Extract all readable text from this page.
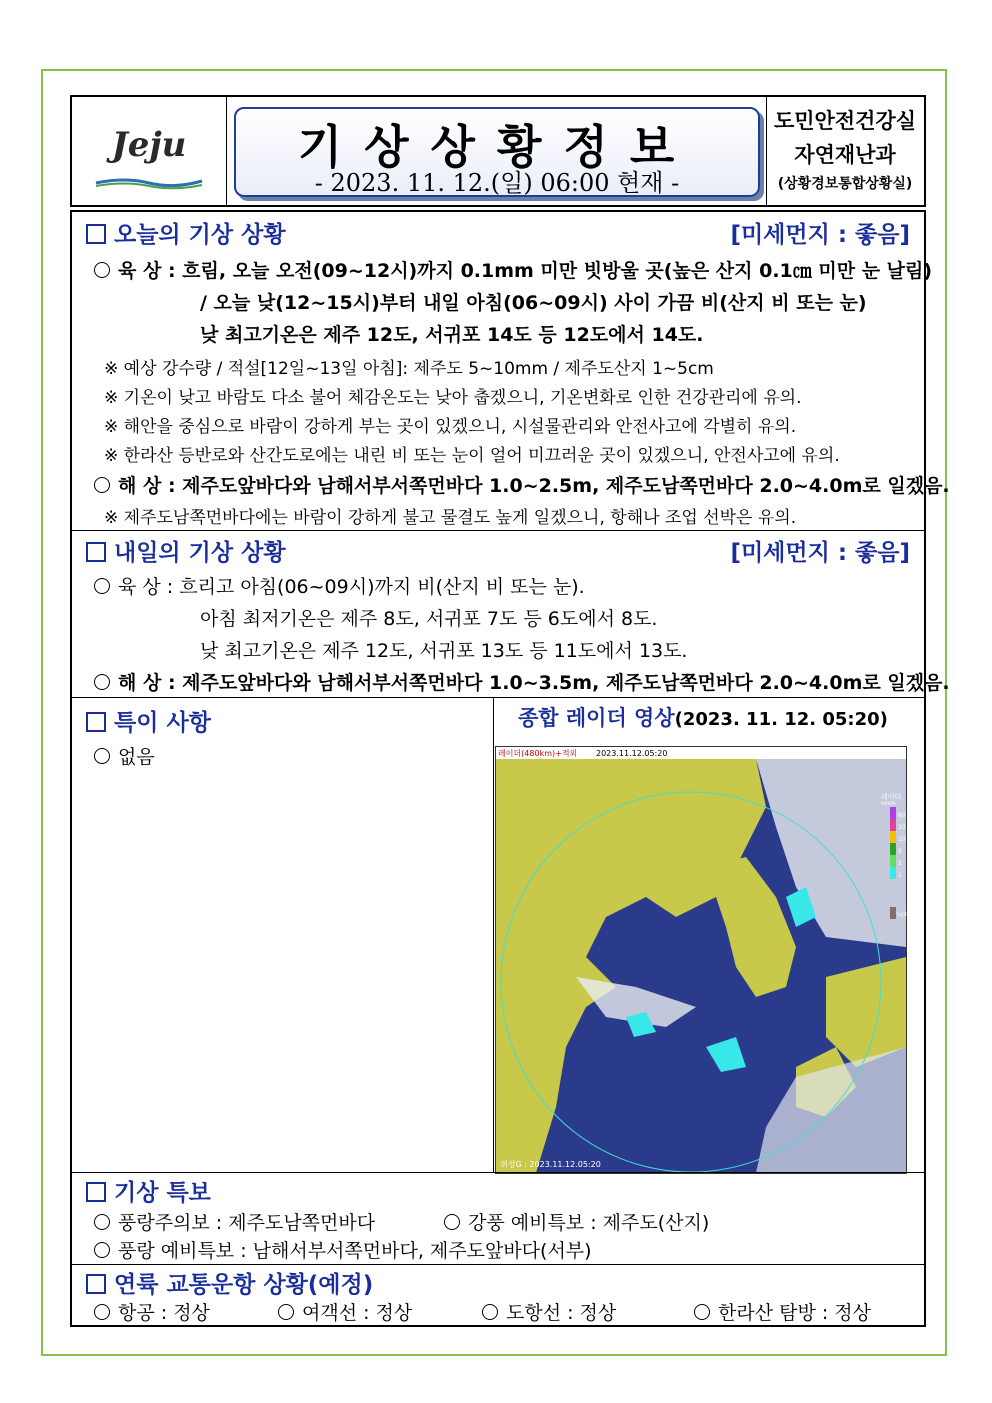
Jeju	기상상황정보
- 2023. 11. 12.(일) 06:00 현재 -
도민안전건강실
자연재난과
(상황경보통합상황실)
오늘의 기상 상황	[미세먼지 : 좋음]
육 상 : 흐림, 오늘 오전(09~12시)까지 0.1mm 미만 빗방울 곳(높은 산지 0.1㎝ 미만 눈 날림)
/ 오늘 낮(12~15시)부터 내일 아침(06~09시) 사이 가끔 비(산지 비 또는 눈)
낮 최고기온은 제주 12도, 서귀포 14도 등 12도에서 14도.
※ 예상 강수량 / 적설[12일~13일 아침]: 제주도 5~10mm / 제주도산지 1~5cm
※ 기온이 낮고 바람도 다소 불어 체감온도는 낮아 춥겠으니, 기온변화로 인한 건강관리에 유의.
※ 해안을 중심으로 바람이 강하게 부는 곳이 있겠으니, 시설물관리와 안전사고에 각별히 유의.
※ 한라산 등반로와 산간도로에는 내린 비 또는 눈이 얼어 미끄러운 곳이 있겠으니, 안전사고에 유의.
해 상 : 제주도앞바다와 남해서부서쪽먼바다 1.0~2.5m, 제주도남쪽먼바다 2.0~4.0m로 일겠음.
※ 제주도남쪽먼바다에는 바람이 강하게 불고 물결도 높게 일겠으니, 항해나 조업 선박은 유의.
내일의 기상 상황	[미세먼지 : 좋음]
육 상 : 흐리고 아침(06~09시)까지 비(산지 비 또는 눈).
아침 최저기온은 제주 8도, 서귀포 7도 등 6도에서 8도.
낮 최고기온은 제주 12도, 서귀포 13도 등 11도에서 13도.
해 상 : 제주도앞바다와 남해서부서쪽먼바다 1.0~3.5m, 제주도남쪽먼바다 2.0~4.0m로 일겠음.
특이 사항
없음
종합 레이더 영상(2023. 11. 12. 05:20)
레이더(480km)+적외 2023.11.12.05:20
위성G : 2023.11.12.05:20
레이더
mm/h
60
30
10
5
2
1
낙뢰
기상 특보
풍랑주의보 : 제주도남쪽먼바다	강풍 예비특보 : 제주도(산지)
풍랑 예비특보 : 남해서부서쪽먼바다, 제주도앞바다(서부)
연륙 교통운항 상황(예정)
항공 : 정상	여객선 : 정상	도항선 : 정상	한라산 탐방 : 정상
